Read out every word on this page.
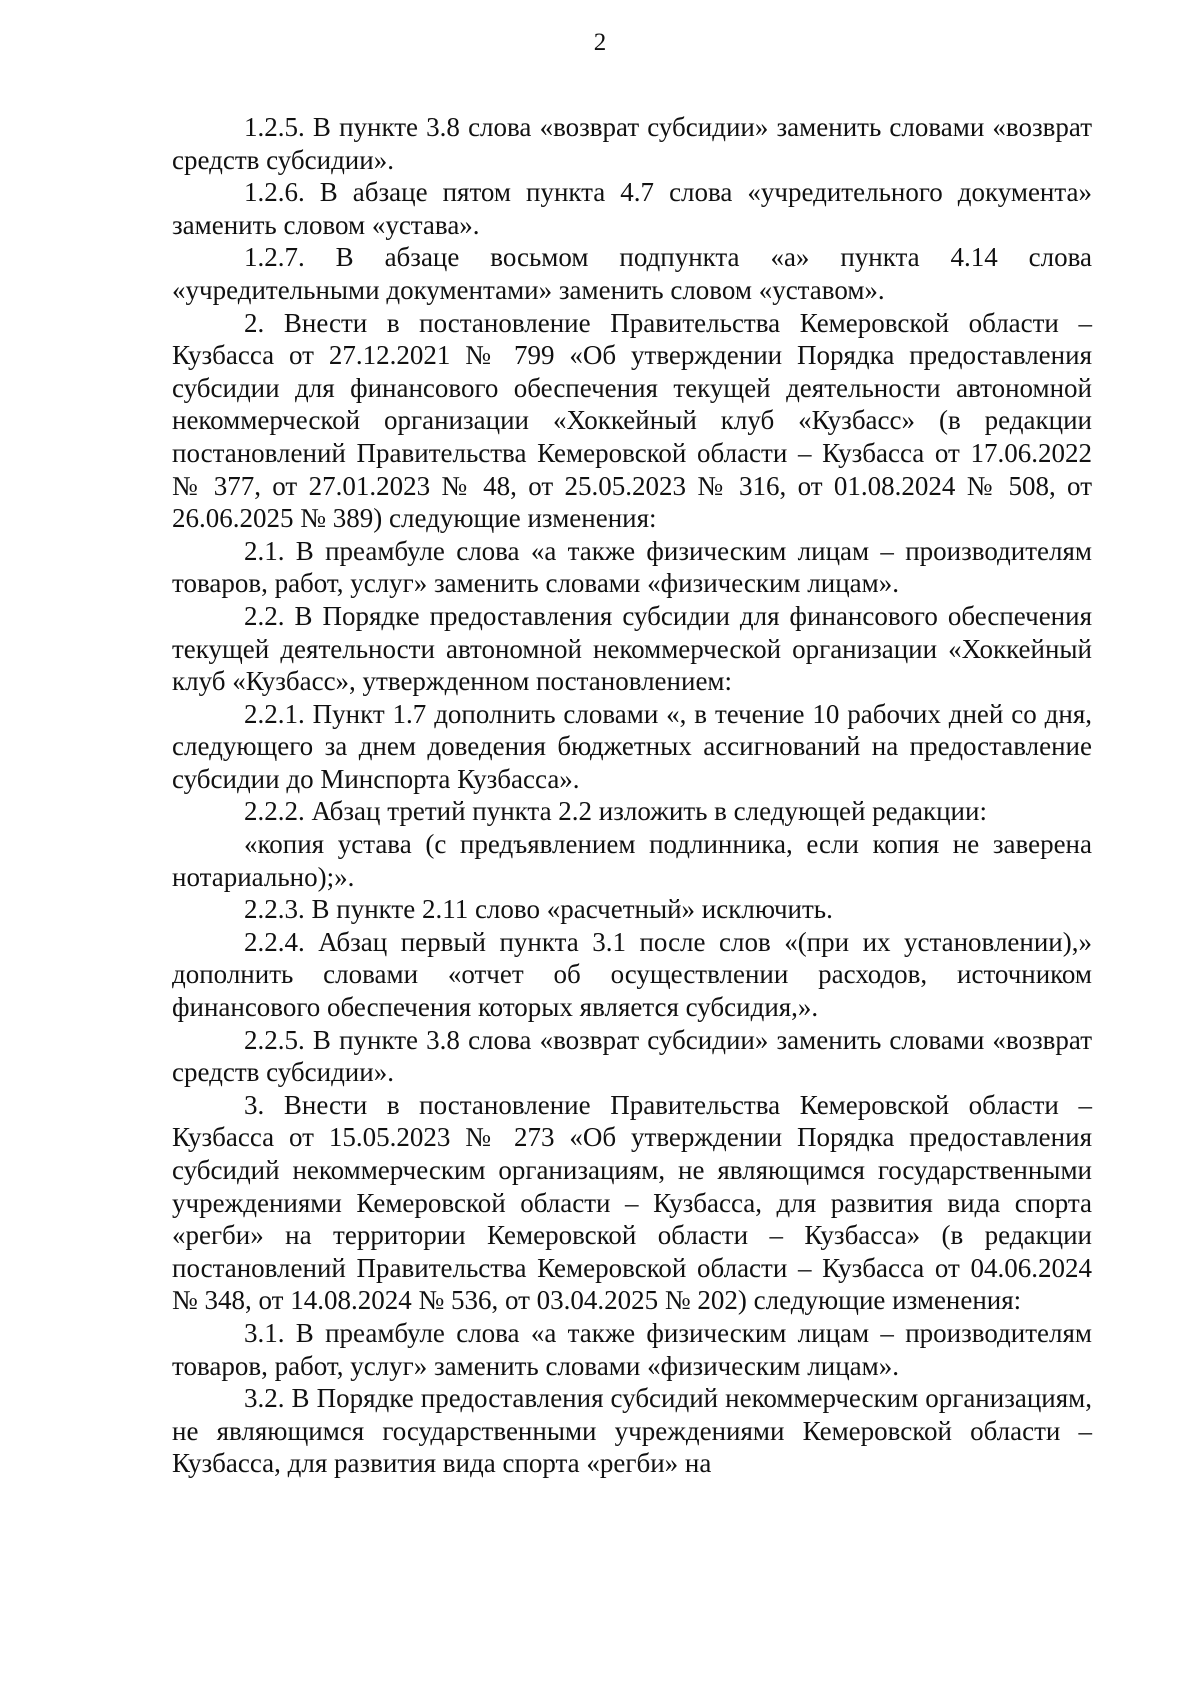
2

1.2.5. В пункте 3.8 слова «возврат субсидии» заменить словами «возврат средств субсидии».

1.2.6. В абзаце пятом пункта 4.7 слова «учредительного документа» заменить словом «устава».

1.2.7. В абзаце восьмом подпункта «а» пункта 4.14 слова «учредительными документами» заменить словом «уставом».

2. Внести в постановление Правительства Кемеровской области – Кузбасса от 27.12.2021 № 799 «Об утверждении Порядка предоставления субсидии для финансового обеспечения текущей деятельности автономной некоммерческой организации «Хоккейный клуб «Кузбасс» (в редакции постановлений Правительства Кемеровской области – Кузбасса от 17.06.2022 № 377, от 27.01.2023 № 48, от 25.05.2023 № 316, от 01.08.2024 № 508, от 26.06.2025 № 389) следующие изменения:

2.1. В преамбуле слова «а также физическим лицам – производителям товаров, работ, услуг» заменить словами «физическим лицам».

2.2. В Порядке предоставления субсидии для финансового обеспечения текущей деятельности автономной некоммерческой организации «Хоккейный клуб «Кузбасс», утвержденном постановлением:

2.2.1. Пункт 1.7 дополнить словами «, в течение 10 рабочих дней со дня, следующего за днем доведения бюджетных ассигнований на предоставление субсидии до Минспорта Кузбасса».

2.2.2. Абзац третий пункта 2.2 изложить в следующей редакции:

«копия устава (с предъявлением подлинника, если копия не заверена нотариально);».

2.2.3. В пункте 2.11 слово «расчетный» исключить.

2.2.4. Абзац первый пункта 3.1 после слов «(при их установлении),» дополнить словами «отчет об осуществлении расходов, источником финансового обеспечения которых является субсидия,».

2.2.5. В пункте 3.8 слова «возврат субсидии» заменить словами «возврат средств субсидии».

3. Внести в постановление Правительства Кемеровской области – Кузбасса от 15.05.2023 № 273 «Об утверждении Порядка предоставления субсидий некоммерческим организациям, не являющимся государственными учреждениями Кемеровской области – Кузбасса, для развития вида спорта «регби» на территории Кемеровской области – Кузбасса» (в редакции постановлений Правительства Кемеровской области – Кузбасса от 04.06.2024 № 348, от 14.08.2024 № 536, от 03.04.2025 № 202) следующие изменения:

3.1. В преамбуле слова «а также физическим лицам – производителям товаров, работ, услуг» заменить словами «физическим лицам».

3.2. В Порядке предоставления субсидий некоммерческим организациям, не являющимся государственными учреждениями Кемеровской области – Кузбасса, для развития вида спорта «регби» на
